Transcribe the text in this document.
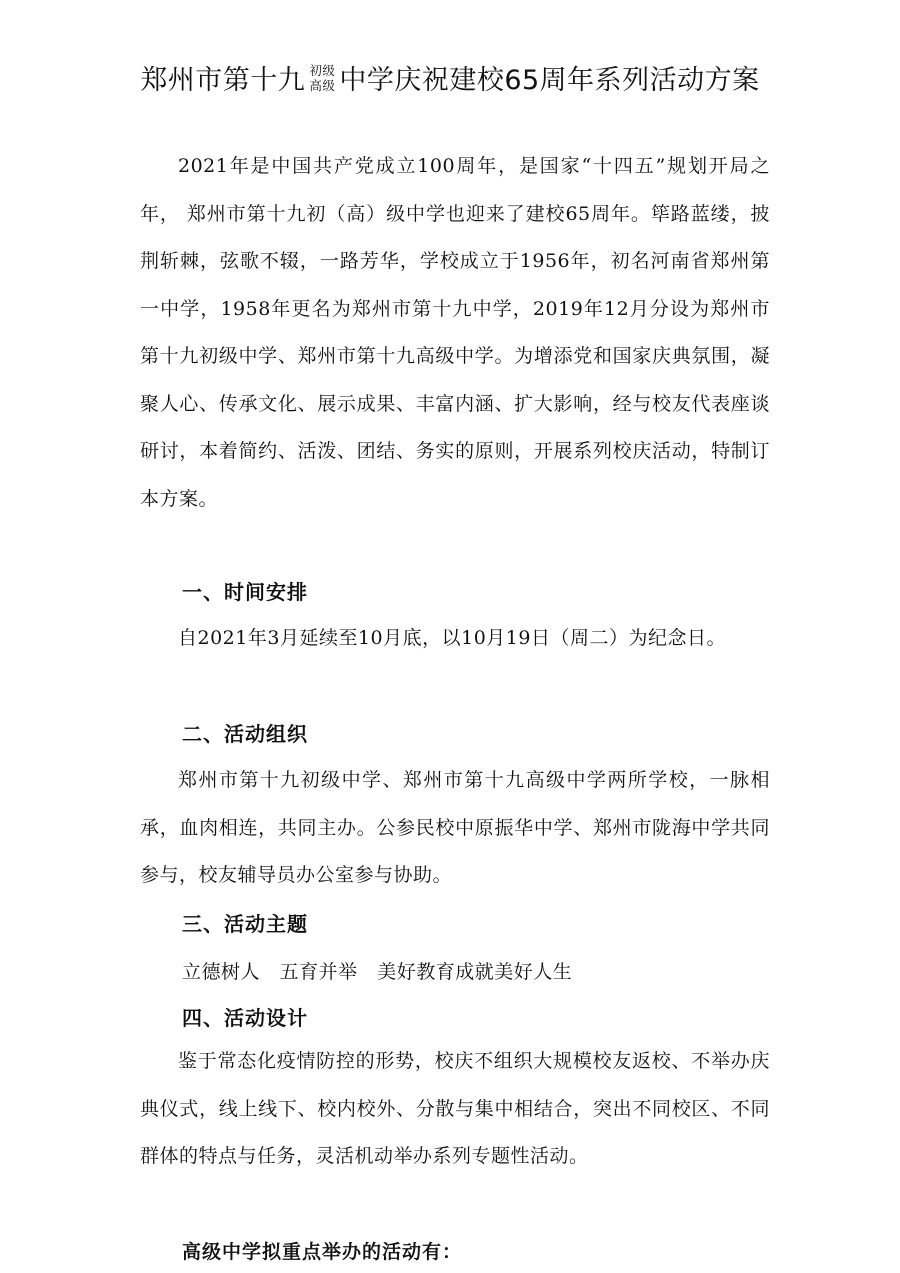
郑州市第十九 初级
高级 中学庆祝建校65周年系列活动方案

2021年是中国共产党成立100周年，是国家“十四五”规划开局之年， 郑州市第十九初（高）级中学也迎来了建校65周年。筚路蓝缕，披荆斩棘，弦歌不辍，一路芳华，学校成立于1956年，初名河南省郑州第一中学，1958年更名为郑州市第十九中学，2019年12月分设为郑州市第十九初级中学、郑州市第十九高级中学。为增添党和国家庆典氛围，凝聚人心、传承文化、展示成果、丰富内涵、扩大影响，经与校友代表座谈研讨，本着简约、活泼、团结、务实的原则，开展系列校庆活动，特制订本方案。

一、时间安排

自2021年3月延续至10月底，以10月19日（周二）为纪念日。

二、活动组织

郑州市第十九初级中学、郑州市第十九高级中学两所学校，一脉相承，血肉相连，共同主办。公参民校中原振华中学、郑州市陇海中学共同参与，校友辅导员办公室参与协助。

三、活动主题
立德树人   五育并举   美好教育成就美好人生
四、活动设计

鉴于常态化疫情防控的形势，校庆不组织大规模校友返校、不举办庆典仪式，线上线下、校内校外、分散与集中相结合，突出不同校区、不同群体的特点与任务，灵活机动举办系列专题性活动。

高级中学拟重点举办的活动有：
